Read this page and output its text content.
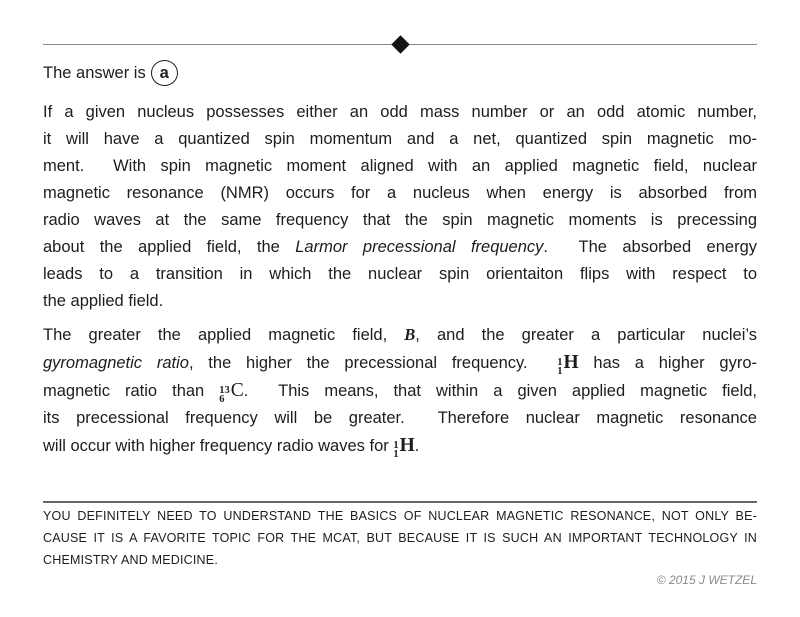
The answer is a
If a given nucleus possesses either an odd mass number or an odd atomic number,
it will have a quantized spin momentum and a net, quantized spin magnetic mo-
ment.  With spin magnetic moment aligned with an applied magnetic field, nuclear
magnetic resonance (NMR) occurs for a nucleus when energy is absorbed from
radio waves at the same frequency that the spin magnetic moments is precessing
about the applied field, the Larmor precessional frequency.  The absorbed energy
leads to a transition in which the nuclear spin orientaiton flips with respect to
the applied field.
The greater the applied magnetic field, B, and the greater a particular nuclei’s
gyromagnetic ratio, the higher the precessional frequency. 1
1 H has a higher gyro-
magnetic ratio than 13
6 C.  This means, that within a given applied magnetic field,
its precessional frequency will be greater.  Therefore nuclear magnetic resonance
will occur with higher frequency radio waves for 1
1 H.
YOU DEFINITELY NEED TO UNDERSTAND THE BASICS OF NUCLEAR MAGNETIC RESONANCE, NOT ONLY BE-
CAUSE IT IS A FAVORITE TOPIC FOR THE MCAT, BUT BECAUSE IT IS SUCH AN IMPORTANT TECHNOLOGY IN
CHEMISTRY AND MEDICINE.
© 2015 J WETZEL
